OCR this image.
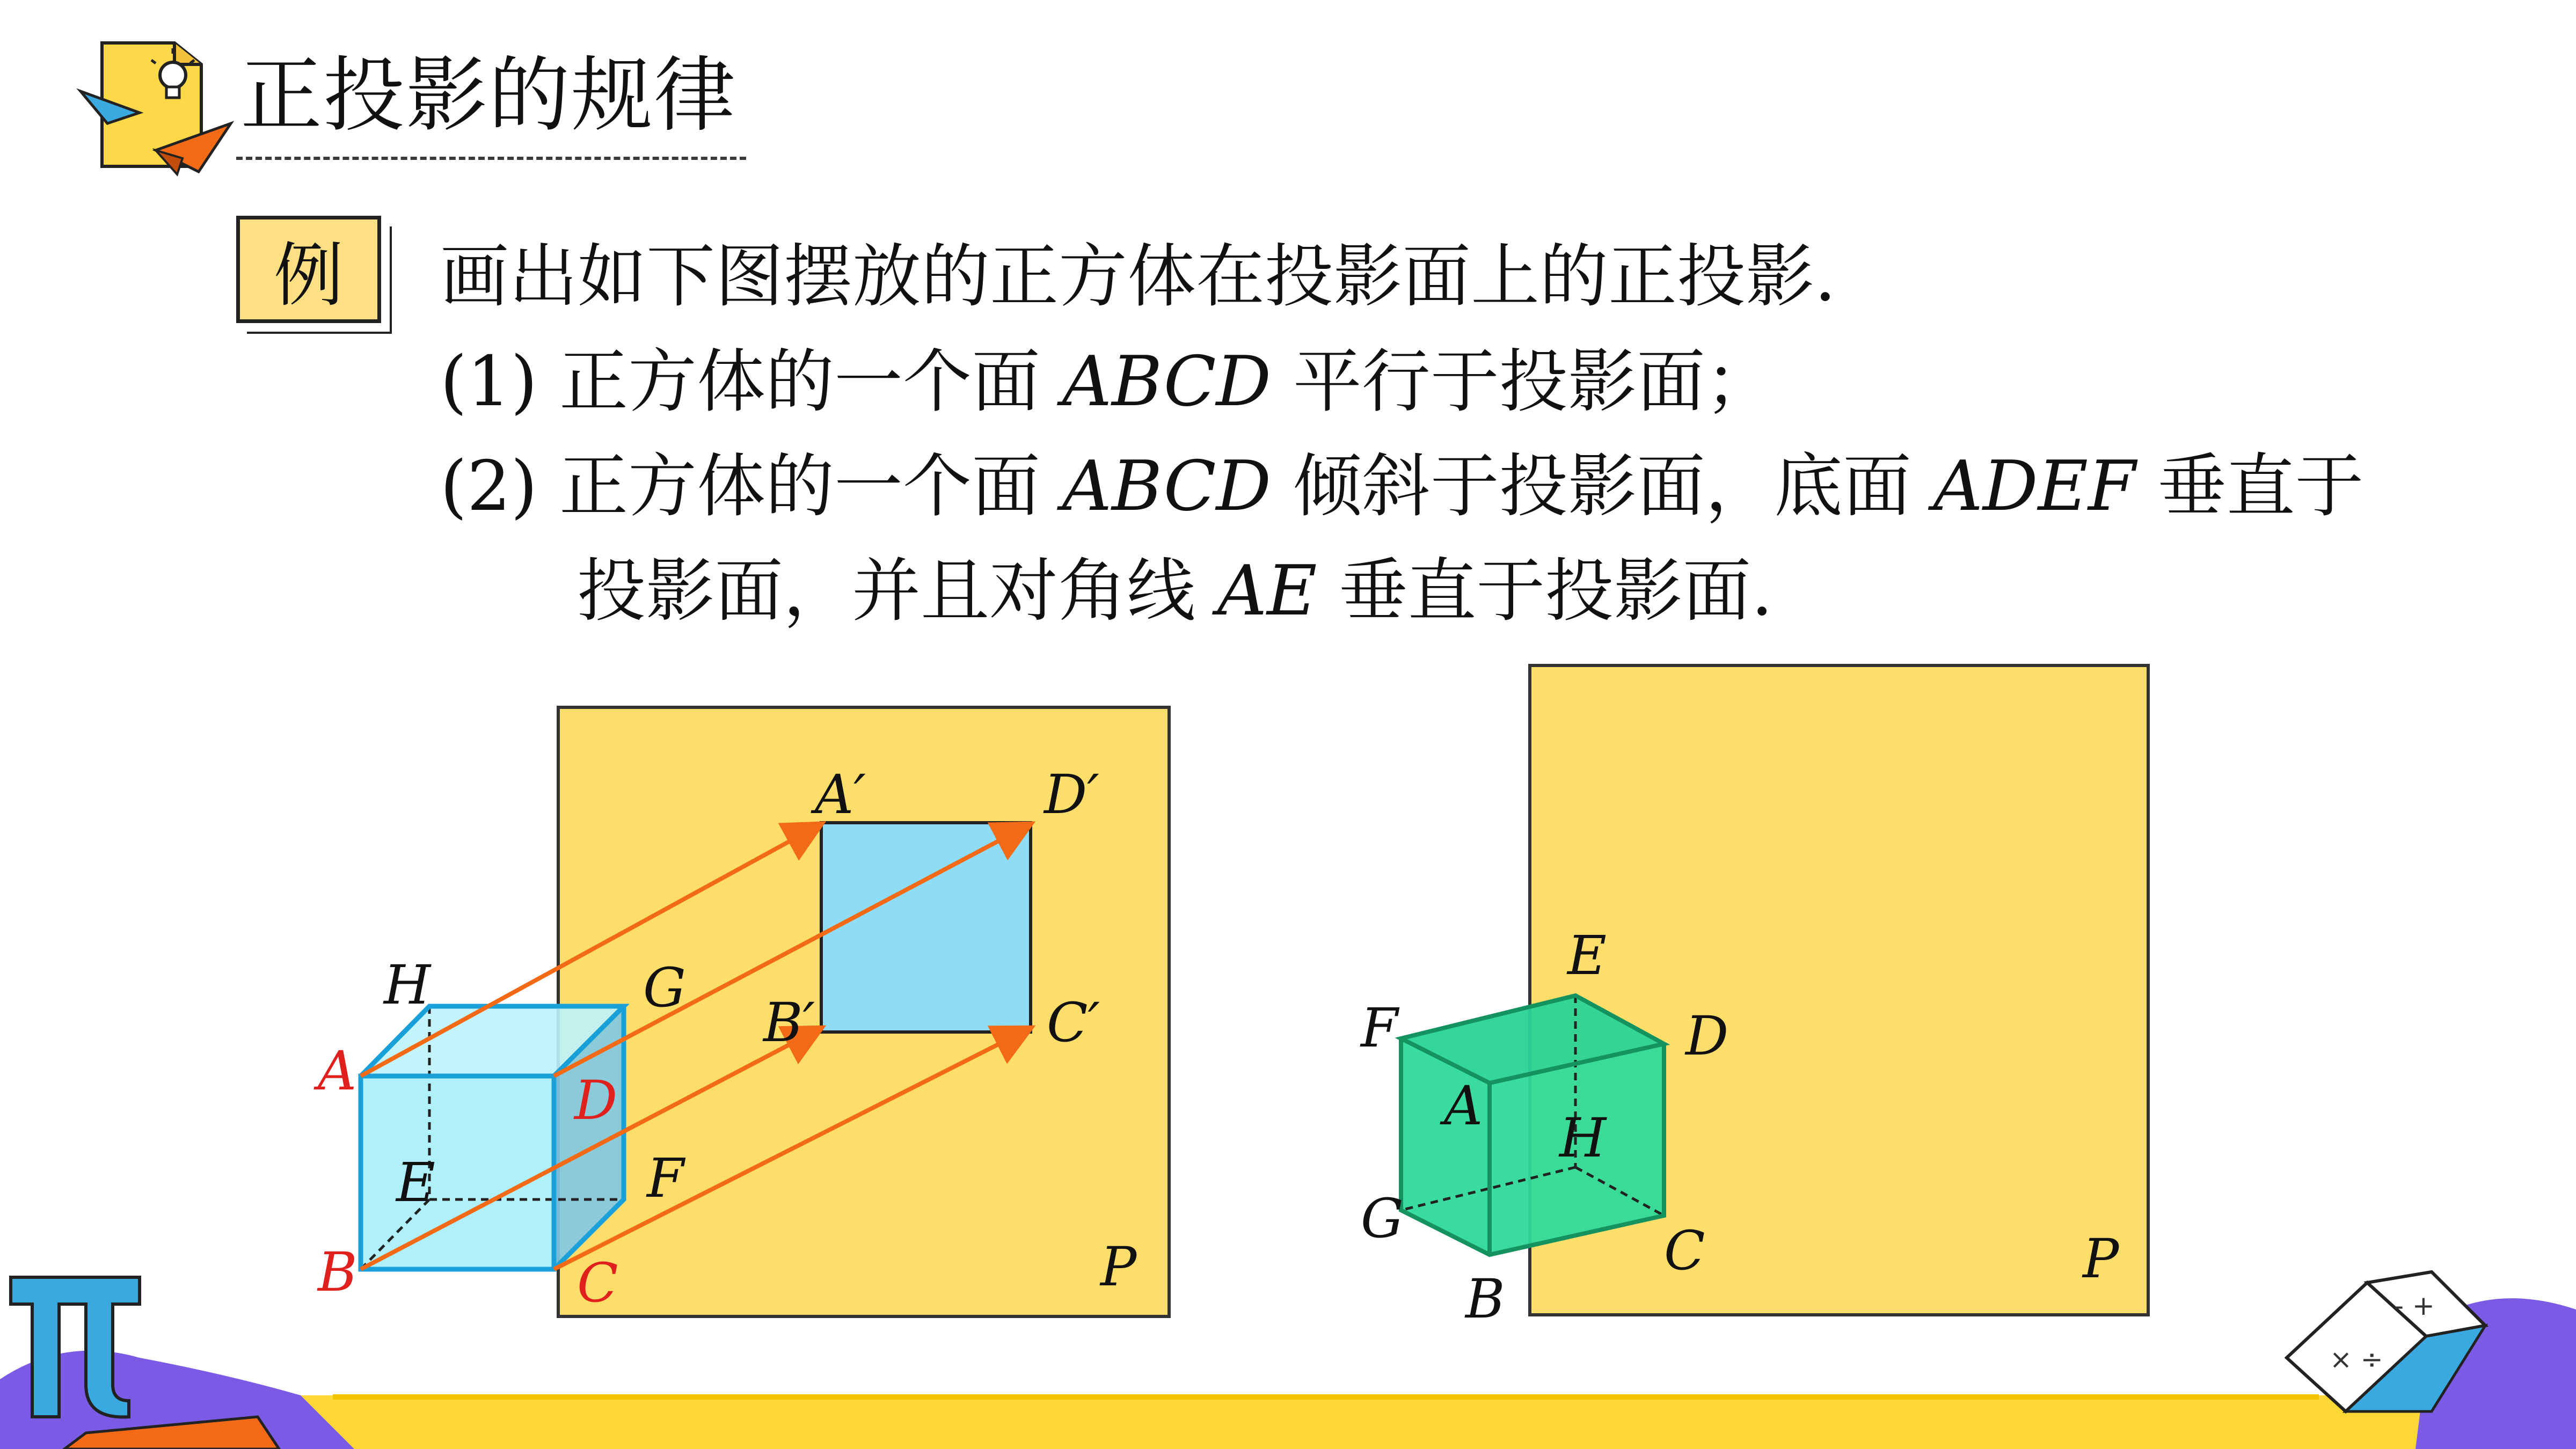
正投影的规律
例	画出如下图摆放的正方体在投影面上的正投影.
(1) 正方体的一个面 ABCD 平行于投影面；
(2) 正方体的一个面 ABCD 倾斜于投影面，底面 ADEF 垂直于
投影面，并且对角线 AE 垂直于投影面.
H	G
A	D
E	F
B	C
A′	D′
B′	C′
P
E
F	D
A
H
G
C
B
P
× ÷
- +
